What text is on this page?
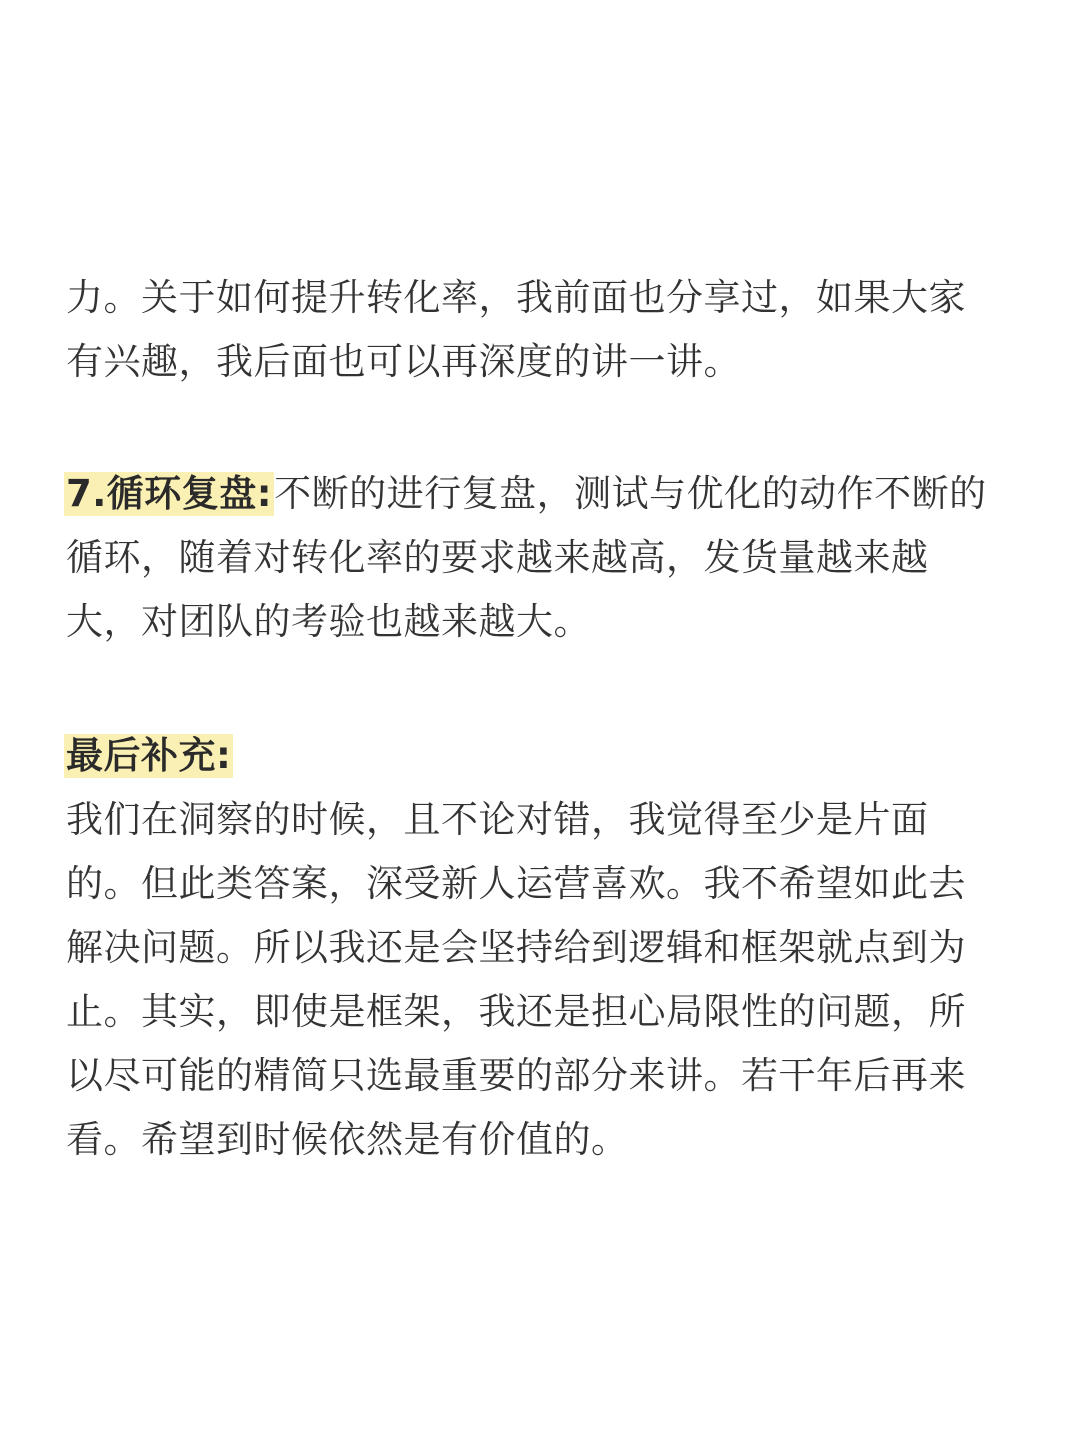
力。关于如何提升转化率，我前面也分享过，如果大家
有兴趣，我后面也可以再深度的讲一讲。
7.循环复盘:不断的进行复盘，测试与优化的动作不断的
循环，随着对转化率的要求越来越高，发货量越来越
大，对团队的考验也越来越大。
最后补充:
我们在洞察的时候，且不论对错，我觉得至少是片面
的。但此类答案，深受新人运营喜欢。我不希望如此去
解决问题。所以我还是会坚持给到逻辑和框架就点到为
止。其实，即使是框架，我还是担心局限性的问题，所
以尽可能的精简只选最重要的部分来讲。若干年后再来
看。希望到时候依然是有价值的。
